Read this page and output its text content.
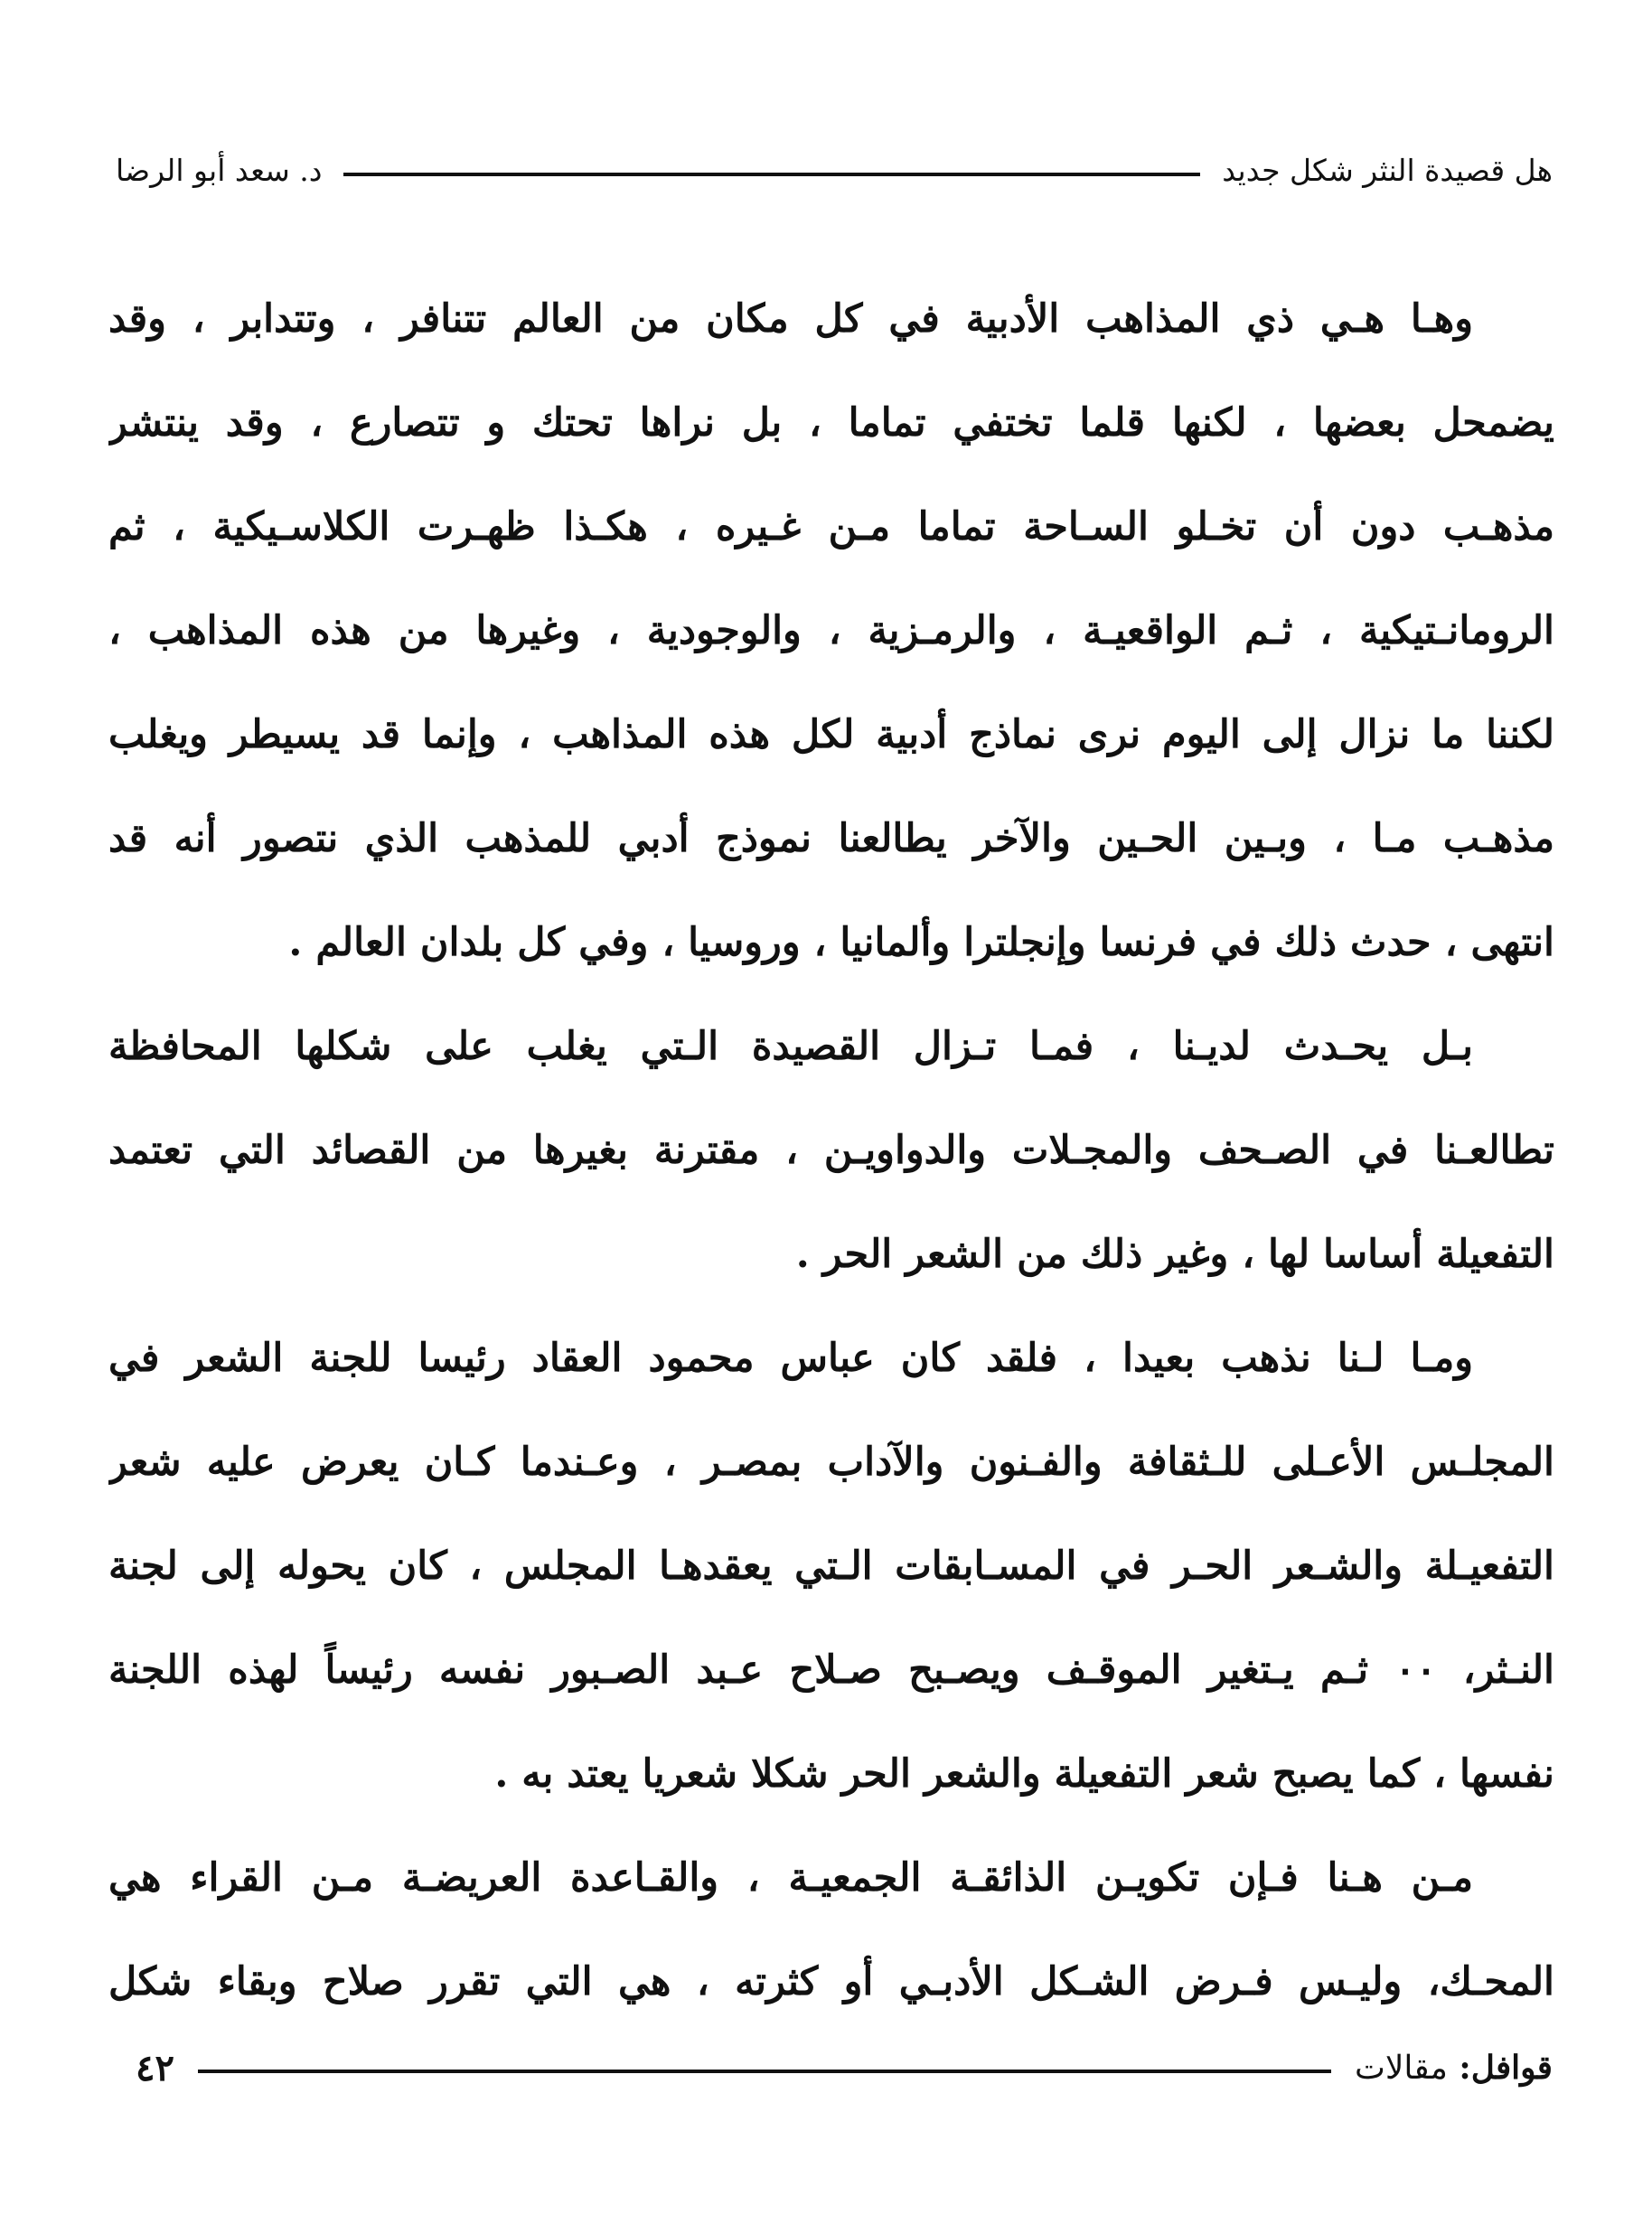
هل قصيدة النثر شكل جديد
د. سعد أبو الرضا
وهـا هـي ذي المذاهب الأدبية في كل مكان من العالم تتنافر ، وتتدابر ، وقد
يضمحل بعضها ، لكنها قلما تختفي تماما ، بل نراها تحتك و تتصارع ، وقد ينتشر
مذهـب دون أن تخـلو السـاحة تماما مـن غـيره ، هكـذا ظهـرت الكلاسـيكية ، ثم
الرومانـتيكية ، ثـم الواقعيـة ، والرمـزية ، والوجودية ، وغيرها من هذه المذاهب ،
لكننا ما نزال إلى اليوم نرى نماذج أدبية لكل هذه المذاهب ، وإنما قد يسيطر ويغلب
مذهـب مـا ، وبـين الحـين والآخر يطالعنا نموذج أدبي للمذهب الذي نتصور أنه قد
انتهى ، حدث ذلك في فرنسا وإنجلترا وألمانيا ، وروسيا ، وفي كل بلدان العالم .
بـل يحـدث لديـنا ، فمـا تـزال القصيدة الـتي يغلب على شكلها المحافظة
تطالعـنا في الصـحف والمجـلات والدواويـن ، مقترنة بغيرها من القصائد التي تعتمد
التفعيلة أساسا لها ، وغير ذلك من الشعر الحر .
ومـا لـنا نذهب بعيدا ، فلقد كان عباس محمود العقاد رئيسا للجنة الشعر في
المجلـس الأعـلى للـثقافة والفـنون والآداب بمصـر ، وعـندما كـان يعرض عليه شعر
التفعيـلة والشـعر الحـر في المسـابقات الـتي يعقدهـا المجلس ، كان يحوله إلى لجنة
النـثر، ٠٠ ثـم يـتغير الموقـف ويصـبح صـلاح عـبد الصـبور نفسه رئيساً لهذه اللجنة
نفسها ، كما يصبح شعر التفعيلة والشعر الحر شكلا شعريا يعتد به .
مـن هـنا فـإن تكويـن الذائقـة الجمعيـة ، والقـاعدة العريضـة مـن القراء هي
المحـك، وليـس فـرض الشـكل الأدبـي أو كثرته ، هي التي تقرر صلاح وبقاء شكل
قوافل: مقالات
٤٢
